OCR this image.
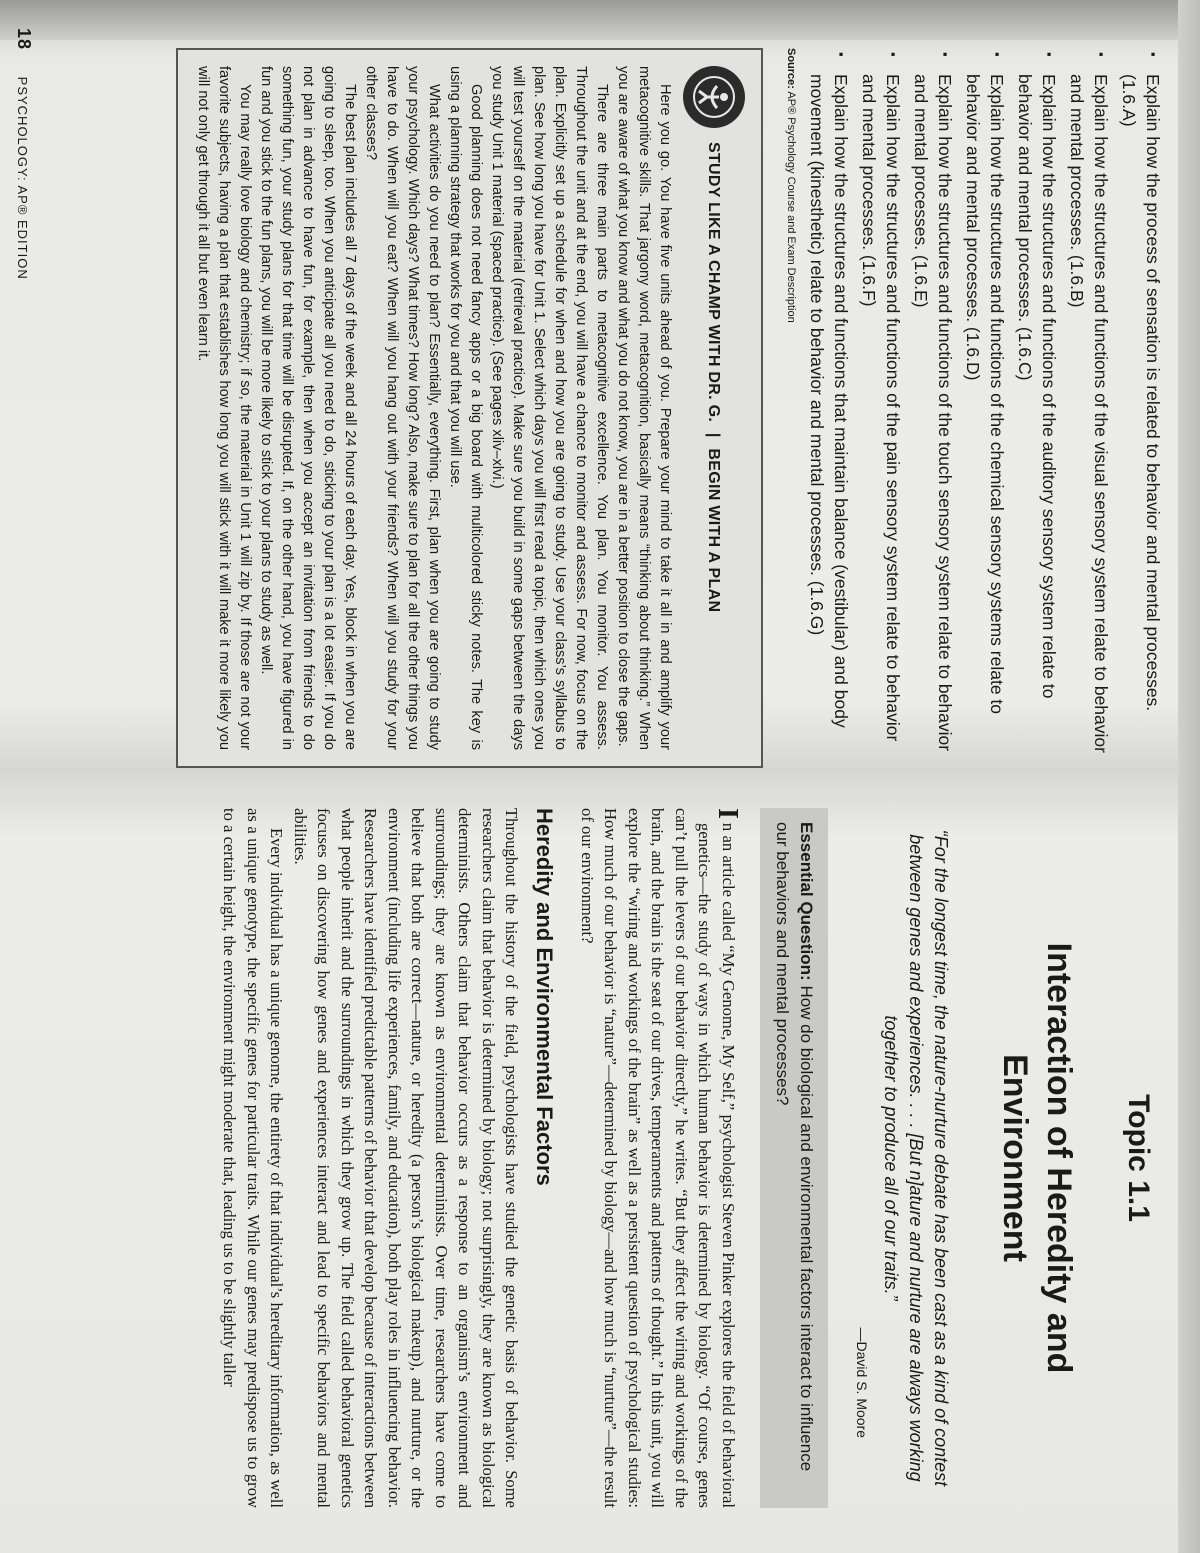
▪ Explain how the process of sensation is related to behavior and mental processes. (1.6.A)
▪ Explain how the structures and functions of the visual sensory system relate to behavior and mental processes. (1.6.B)
▪ Explain how the structures and functions of the auditory sensory system relate to behavior and mental processes. (1.6.C)
▪ Explain how the structures and functions of the chemical sensory systems relate to behavior and mental processes. (1.6.D)
▪ Explain how the structures and functions of the touch sensory system relate to behavior and mental processes. (1.6.E)
▪ Explain how the structures and functions of the pain sensory system relate to behavior and mental processes. (1.6.F)
▪ Explain how the structures and functions that maintain balance (vestibular) and body movement (kinesthetic) relate to behavior and mental processes. (1.6.G)
Source: AP® Psychology Course and Exam Description
STUDY LIKE A CHAMP WITH DR. G. | BEGIN WITH A PLAN

Here you go. You have five units ahead of you. Prepare your mind to take it all in and amplify your metacognitive skills. That jargony word, metacognition, basically means “thinking about thinking.” When you are aware of what you know and what you do not know, you are in a better position to close the gaps.

There are three main parts to metacognitive excellence. You plan. You monitor. You assess. Throughout the unit and at the end, you will have a chance to monitor and assess. For now, focus on the plan. Explicitly set up a schedule for when and how you are going to study. Use your class’s syllabus to plan. See how long you have for Unit 1. Select which days you will first read a topic, then which ones you will test yourself on the material (retrieval practice). Make sure you build in some gaps between the days you study Unit 1 material (spaced practice). (See pages xliv–xlvi.)

Good planning does not need fancy apps or a big board with multicolored sticky notes. The key is using a planning strategy that works for you and that you will use.

What activities do you need to plan? Essentially, everything. First, plan when you are going to study your psychology. Which days? What times? How long? Also, make sure to plan for all the other things you have to do. When will you eat? When will you hang out with your friends? When will you study for your other classes?

The best plan includes all 7 days of the week and all 24 hours of each day. Yes, block in when you are going to sleep, too. When you anticipate all you need to do, sticking to your plan is a lot easier. If you do not plan in advance to have fun, for example, then when you accept an invitation from friends to do something fun, your study plans for that time will be disrupted. If, on the other hand, you have figured in fun and you stick to the fun plans, you will be more likely to stick to your plans to study as well.

You may really love biology and chemistry; if so, the material in Unit 1 will zip by. If those are not your favorite subjects, having a plan that establishes how long you will stick with it will make it more likely you will not only get through it all but even learn it.

Topic 1.1
Interaction of Heredity and
Environment
“For the longest time, the nature-nurture debate has been cast as a kind of contest between genes and experiences. . . . [But n]ature and nurture are always working together to produce all of our traits.”
—David S. Moore
Essential Question: How do biological and environmental factors interact to influence our behaviors and mental processes?

I
n an article called “My Genome, My Self,” psychologist Steven Pinker explores the field of behavioral genetics—the study of ways in which human behavior is determined by biology. “Of course, genes can’t pull the levers of our behavior directly,” he writes. “But they affect the wiring and workings of the brain, and the brain is the seat of our drives, temperaments and patterns of thought.” In this unit, you will explore the “wiring and workings of the brain” as well as a persistent question of psychological studies: How much of our behavior is “nature”—determined by biology—and how much is “nurture”—the result of our environment?

Heredity and Environmental Factors

Throughout the history of the field, psychologists have studied the genetic basis of behavior. Some researchers claim that behavior is determined by biology; not surprisingly, they are known as biological determinists. Others claim that behavior occurs as a response to an organism’s environment and surroundings; they are known as environmental determinists. Over time, researchers have come to believe that both are correct—nature, or heredity (a person’s biological makeup), and nurture, or the environment (including life experiences, family, and education), both play roles in influencing behavior. Researchers have identified predictable patterns of behavior that develop because of interactions between what people inherit and the surroundings in which they grow up. The field called behavioral genetics focuses on discovering how genes and experiences interact and lead to specific behaviors and mental abilities.

Every individual has a unique genome, the entirety of that individual’s hereditary information, as well as a unique genotype, the specific genes for particular traits. While our genes may predispose us to grow to a certain height, the environment might moderate that, leading us to be slightly taller

18 PSYCHOLOGY: AP® EDITION
